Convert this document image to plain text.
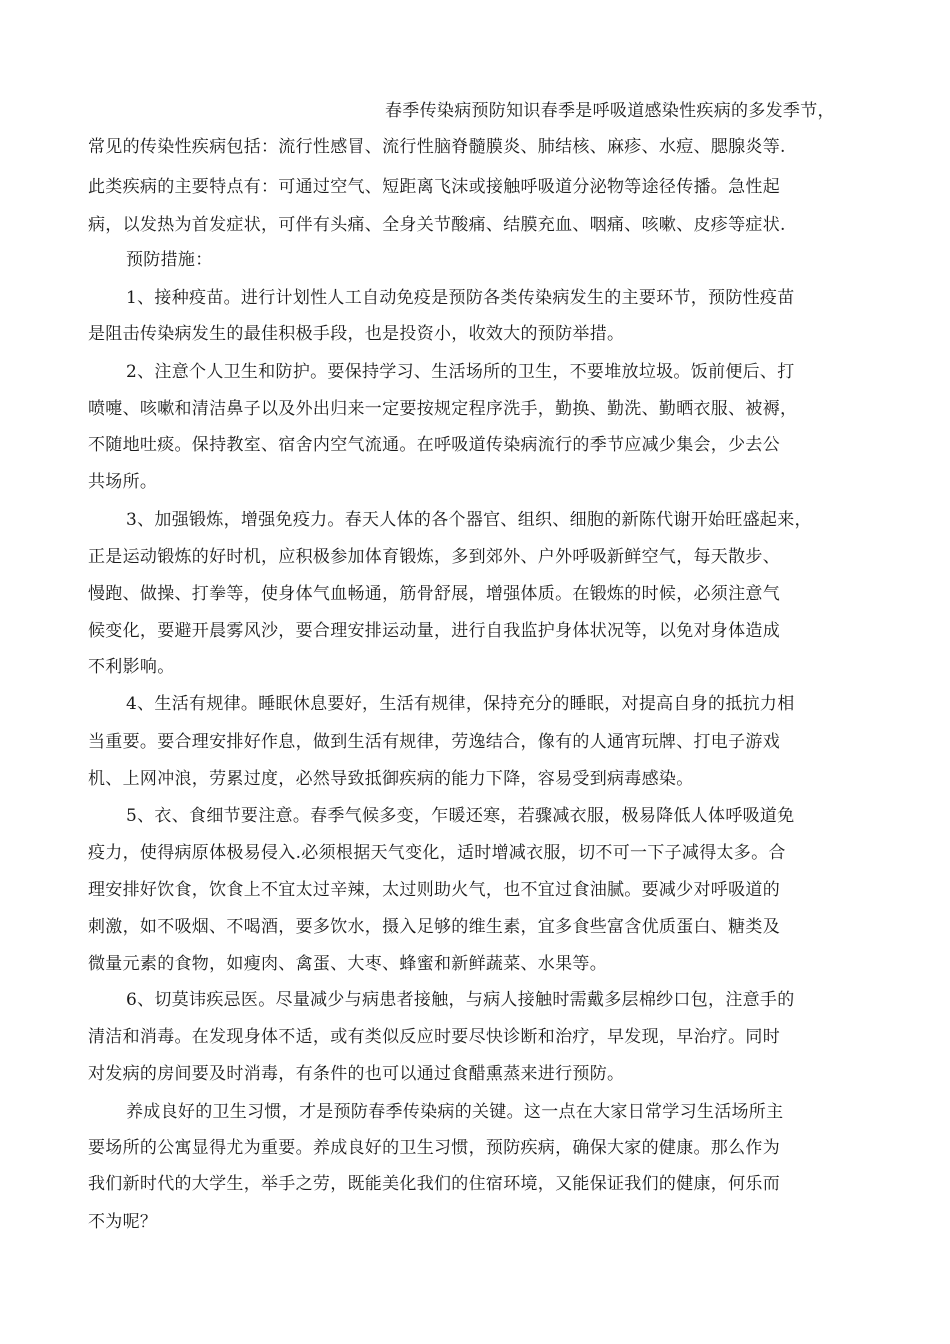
春季传染病预防知识春季是呼吸道感染性疾病的多发季节，
常见的传染性疾病包括：流行性感冒、流行性脑脊髓膜炎、肺结核、麻疹、水痘、腮腺炎等.
此类疾病的主要特点有：可通过空气、短距离飞沫或接触呼吸道分泌物等途径传播。急性起
病，以发热为首发症状，可伴有头痛、全身关节酸痛、结膜充血、咽痛、咳嗽、皮疹等症状.
预防措施：
1、接种疫苗。进行计划性人工自动免疫是预防各类传染病发生的主要环节，预防性疫苗
是阻击传染病发生的最佳积极手段，也是投资小，收效大的预防举措。
2、注意个人卫生和防护。要保持学习、生活场所的卫生，不要堆放垃圾。饭前便后、打
喷嚏、咳嗽和清洁鼻子以及外出归来一定要按规定程序洗手，勤换、勤洗、勤晒衣服、被褥，
不随地吐痰。保持教室、宿舍内空气流通。在呼吸道传染病流行的季节应减少集会，少去公
共场所。
3、加强锻炼，增强免疫力。春天人体的各个器官、组织、细胞的新陈代谢开始旺盛起来，
正是运动锻炼的好时机，应积极参加体育锻炼，多到郊外、户外呼吸新鲜空气，每天散步、
慢跑、做操、打拳等，使身体气血畅通，筋骨舒展，增强体质。在锻炼的时候，必须注意气
候变化，要避开晨雾风沙，要合理安排运动量，进行自我监护身体状况等，以免对身体造成
不利影响。
4、生活有规律。睡眠休息要好，生活有规律，保持充分的睡眠，对提高自身的抵抗力相
当重要。要合理安排好作息，做到生活有规律，劳逸结合，像有的人通宵玩牌、打电子游戏
机、上网冲浪，劳累过度，必然导致抵御疾病的能力下降，容易受到病毒感染。
5、衣、食细节要注意。春季气候多变，乍暖还寒，若骤减衣服，极易降低人体呼吸道免
疫力，使得病原体极易侵入.必须根据天气变化，适时增减衣服，切不可一下子减得太多。合
理安排好饮食，饮食上不宜太过辛辣，太过则助火气，也不宜过食油腻。要减少对呼吸道的
刺激，如不吸烟、不喝酒，要多饮水，摄入足够的维生素，宜多食些富含优质蛋白、糖类及
微量元素的食物，如瘦肉、禽蛋、大枣、蜂蜜和新鲜蔬菜、水果等。
6、切莫讳疾忌医。尽量减少与病患者接触，与病人接触时需戴多层棉纱口包，注意手的
清洁和消毒。在发现身体不适，或有类似反应时要尽快诊断和治疗，早发现，早治疗。同时
对发病的房间要及时消毒，有条件的也可以通过食醋熏蒸来进行预防。
养成良好的卫生习惯，才是预防春季传染病的关键。这一点在大家日常学习生活场所主
要场所的公寓显得尤为重要。养成良好的卫生习惯，预防疾病，确保大家的健康。那么作为
我们新时代的大学生，举手之劳，既能美化我们的住宿环境，又能保证我们的健康，何乐而
不为呢？
